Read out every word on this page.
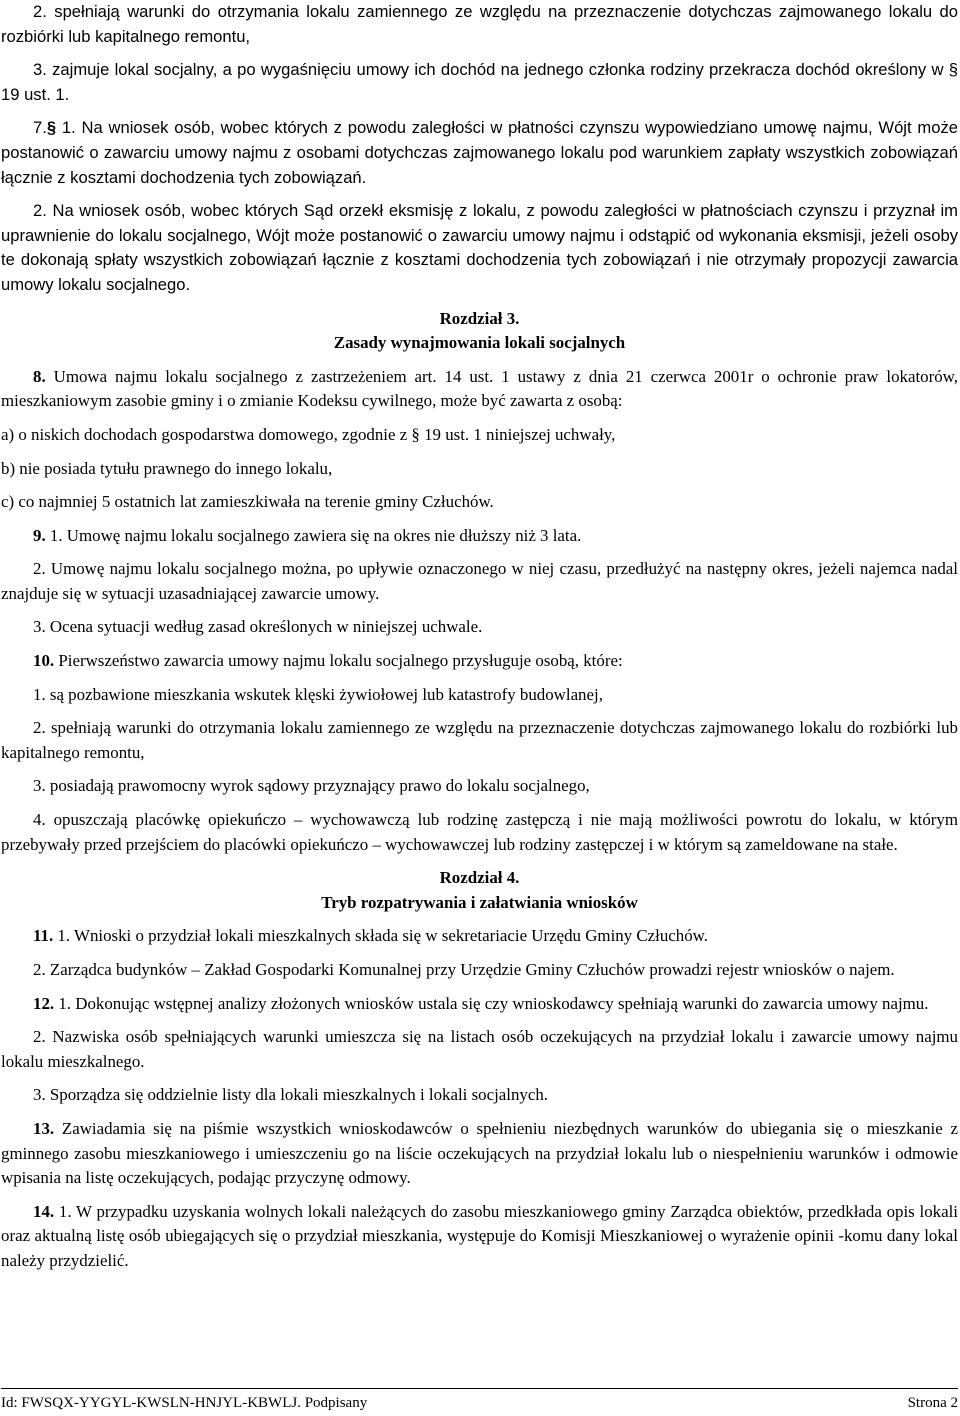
2. spełniają warunki do otrzymania lokalu zamiennego ze względu na przeznaczenie dotychczas zajmowanego lokalu do rozbiórki lub kapitalnego remontu,

3. zajmuje lokal socjalny, a po wygaśnięciu umowy ich dochód na jednego członka rodziny przekracza dochód określony w § 19 ust. 1.

7.§ 1. Na wniosek osób, wobec których z powodu zaległości w płatności czynszu wypowiedziano umowę najmu, Wójt może postanowić o zawarciu umowy najmu z osobami dotychczas zajmowanego lokalu pod warunkiem zapłaty wszystkich zobowiązań łącznie z kosztami dochodzenia tych zobowiązań.

2. Na wniosek osób, wobec których Sąd orzekł eksmisję z lokalu, z powodu zaległości w płatnościach czynszu i przyznał im uprawnienie do lokalu socjalnego, Wójt może postanowić o zawarciu umowy najmu i odstąpić od wykonania eksmisji, jeżeli osoby te dokonają spłaty wszystkich zobowiązań łącznie z kosztami dochodzenia tych zobowiązań i nie otrzymały propozycji zawarcia umowy lokalu socjalnego.

Rozdział 3.

Zasady wynajmowania lokali socjalnych

8. Umowa najmu lokalu socjalnego z zastrzeżeniem art. 14 ust. 1 ustawy z dnia 21 czerwca 2001r o ochronie praw lokatorów, mieszkaniowym zasobie gminy i o zmianie Kodeksu cywilnego, może być zawarta z osobą:

a) o niskich dochodach gospodarstwa domowego, zgodnie z § 19 ust. 1 niniejszej uchwały,

b) nie posiada tytułu prawnego do innego lokalu,

c) co najmniej 5 ostatnich lat zamieszkiwała na terenie gminy Człuchów.

9. 1. Umowę najmu lokalu socjalnego zawiera się na okres nie dłuższy niż 3 lata.

2. Umowę najmu lokalu socjalnego można, po upływie oznaczonego w niej czasu, przedłużyć na następny okres, jeżeli najemca nadal znajduje się w sytuacji uzasadniającej zawarcie umowy.

3. Ocena sytuacji według zasad określonych w niniejszej uchwale.

10. Pierwszeństwo zawarcia umowy najmu lokalu socjalnego przysługuje osobą, które:

1. są pozbawione mieszkania wskutek klęski żywiołowej lub katastrofy budowlanej,

2. spełniają warunki do otrzymania lokalu zamiennego ze względu na przeznaczenie dotychczas zajmowanego lokalu do rozbiórki lub kapitalnego remontu,

3. posiadają prawomocny wyrok sądowy przyznający prawo do lokalu socjalnego,

4. opuszczają placówkę opiekuńczo – wychowawczą lub rodzinę zastępczą i nie mają możliwości powrotu do lokalu, w którym przebywały przed przejściem do placówki opiekuńczo – wychowawczej lub rodziny zastępczej i w którym są zameldowane na stałe.

Rozdział 4.

Tryb rozpatrywania i załatwiania wniosków

11. 1. Wnioski o przydział lokali mieszkalnych składa się w sekretariacie Urzędu Gminy Człuchów.

2. Zarządca budynków – Zakład Gospodarki Komunalnej przy Urzędzie Gminy Człuchów prowadzi rejestr wniosków o najem.

12. 1. Dokonując wstępnej analizy złożonych wniosków ustala się czy wnioskodawcy spełniają warunki do zawarcia umowy najmu.

2. Nazwiska osób spełniających warunki umieszcza się na listach osób oczekujących na przydział lokalu i zawarcie umowy najmu lokalu mieszkalnego.

3. Sporządza się oddzielnie listy dla lokali mieszkalnych i lokali socjalnych.

13. Zawiadamia się na piśmie wszystkich wnioskodawców o spełnieniu niezbędnych warunków do ubiegania się o mieszkanie z gminnego zasobu mieszkaniowego i umieszczeniu go na liście oczekujących na przydział lokalu lub o niespełnieniu warunków i odmowie wpisania na listę oczekujących, podając przyczynę odmowy.

14. 1. W przypadku uzyskania wolnych lokali należących do zasobu mieszkaniowego gminy Zarządca obiektów, przedkłada opis lokali oraz aktualną listę osób ubiegających się o przydział mieszkania, występuje do Komisji Mieszkaniowej o wyrażenie opinii -komu dany lokal należy przydzielić.

Id: FWSQX-YYGYL-KWSLN-HNJYL-KBWLJ. Podpisany	Strona 2
